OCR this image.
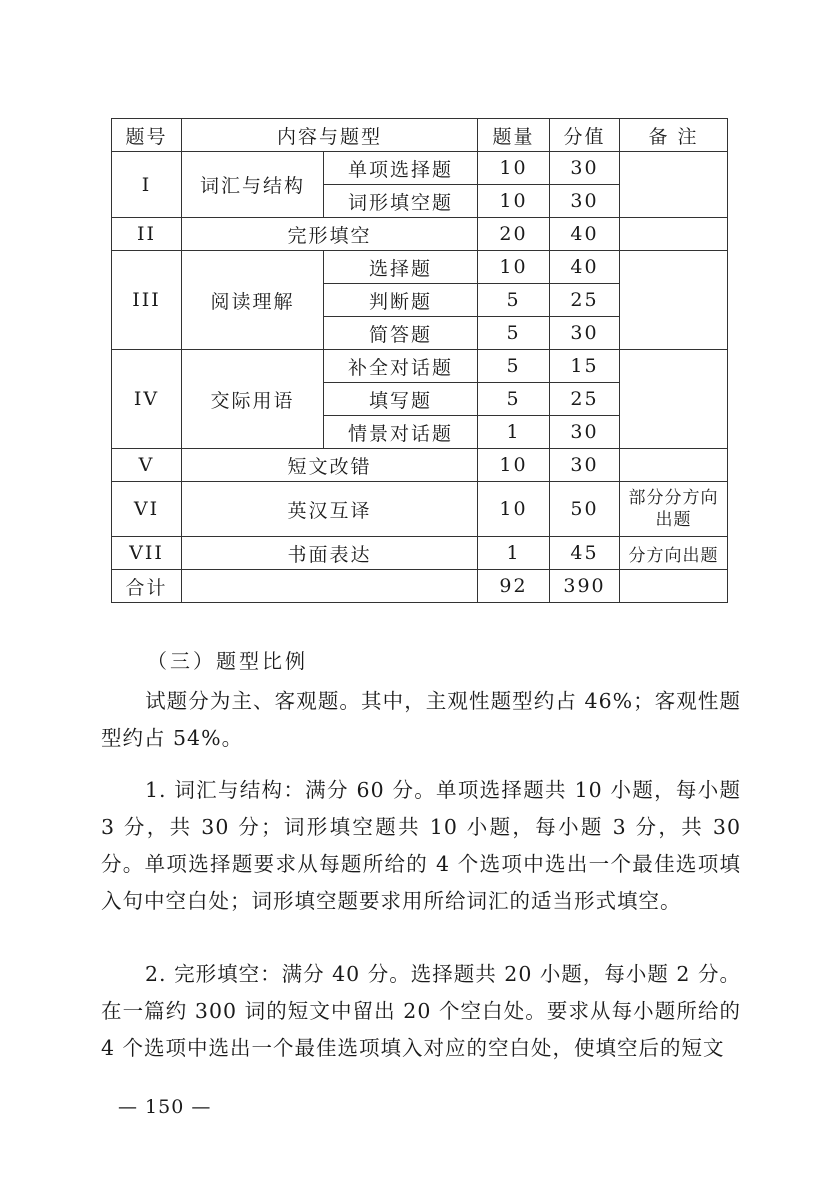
题号	内容与题型		题量	分值	备 注
I	词汇与结构	单项选择题	10	30	
		词形填空题	10	30	
II	完形填空		20	40	
III	阅读理解	选择题	10	40	
		判断题	5	25	
		简答题	5	30	
IV	交际用语	补全对话题	5	15	
		填写题	5	25	
		情景对话题	1	30	
V	短文改错		10	30	
VI	英汉互译		10	50	部分分方向出题
VII	书面表达		1	45	分方向出题
合计			92	390	
（三）题型比例
试题分为主、客观题。其中，主观性题型约占 46%；客观性题型约占 54%。
1. 词汇与结构：满分 60 分。单项选择题共 10 小题，每小题 3 分，共 30 分；词形填空题共 10 小题，每小题 3 分，共 30 分。单项选择题要求从每题所给的 4 个选项中选出一个最佳选项填入句中空白处；词形填空题要求用所给词汇的适当形式填空。
2. 完形填空：满分 40 分。选择题共 20 小题，每小题 2 分。在一篇约 300 词的短文中留出 20 个空白处。要求从每小题所给的 4 个选项中选出一个最佳选项填入对应的空白处，使填空后的短文
— 150 —
